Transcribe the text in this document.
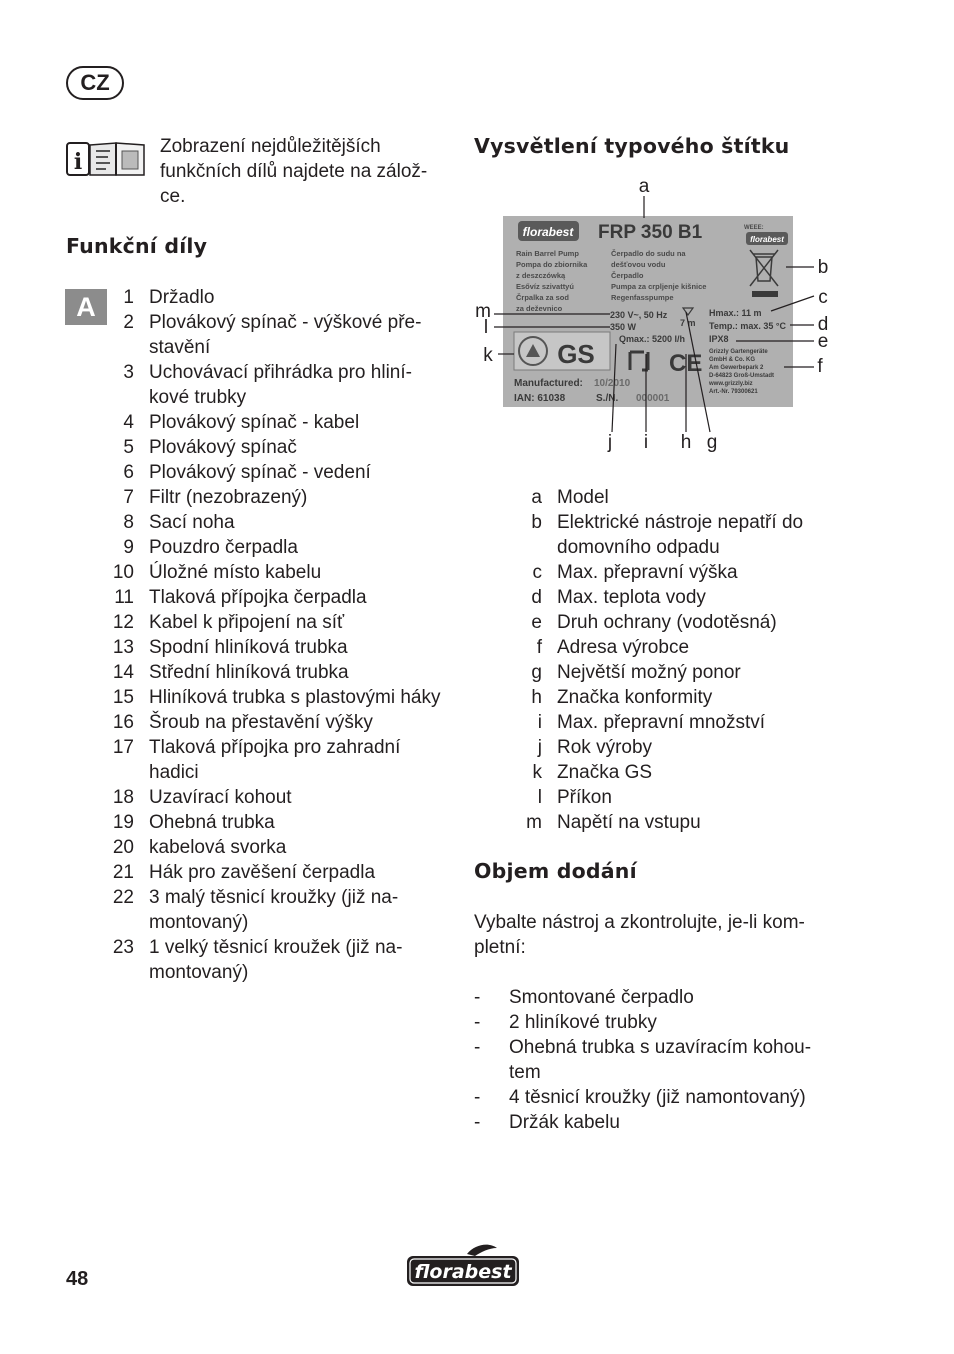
CZ
i
Zobrazení nejdůležitějších
funkčních dílů najdete na zálož-
ce.
Funkční díly
A	1 Držadlo
2 Plovákový spínač - výškové pře-stavění
3 Uchovávací přihrádka pro hliní-kové trubky
4 Plovákový spínač - kabel
5 Plovákový spínač
6 Plovákový spínač - vedení
7 Filtr (nezobrazený)
8 Sací noha
9 Pouzdro čerpadla
10 Úložné místo kabelu
11 Tlaková přípojka čerpadla
12 Kabel k připojení na síť
13 Spodní hliníková trubka
14 Střední hliníková trubka
15 Hliníková trubka s plastovými háky
16 Šroub na přestavění výšky
17 Tlaková přípojka pro zahradní hadici
18 Uzavírací kohout
19 Ohebná trubka
20 kabelová svorka
21 Hák pro zavěšení čerpadla
22 3 malý těsnicí kroužky (již na-montovaný)
23 1 velký těsnicí kroužek (již na-montovaný)
Vysvětlení typového štítku
florabest FRP 350 B1	WEEE:
florabest
Rain Barrel Pump
Pompa do zbiornika
z deszczówką
Esővíz szivattyú
Črpalka za sod
za deževnico
Čerpadlo do sudu na
dešťovou vodu
Čerpadlo
Pumpa za crpljenje kišnice
Regenfasspumpe
230 V~, 50 Hz
350 W
Qmax.: 5200 l/h
7 m
Hmax.: 11 m
Temp.: max. 35 °C
IPX8
Grizzly Gartengeräte
GmbH & Co. KG
Am Gewerbepark 2
D-64823 Groß-Umstadt
www.grizzly.biz
Art.-Nr. 79300621
GS	CE
Manufactured: 10/2010
IAN: 61038	S./N. 000001
a
b
c
d
e
f
g
h
i
j
k
l
m
a Model
b Elektrické nástroje nepatří do domovního odpadu
c Max. přepravní výška
d Max. teplota vody
e Druh ochrany (vodotěsná)
f Adresa výrobce
g Největší možný ponor
h Značka konformity
i Max. přepravní množství
j Rok výroby
k Značka GS
l Příkon
m Napětí na vstupu
Objem dodání
Vybalte nástroj a zkontrolujte, je-li kom-
pletní:
-	Smontované čerpadlo
-	2 hliníkové trubky
-	Ohebná trubka s uzavíracím kohou-tem
-	4 těsnicí kroužky (již namontovaný)
-	Držák kabelu
48	florabest
